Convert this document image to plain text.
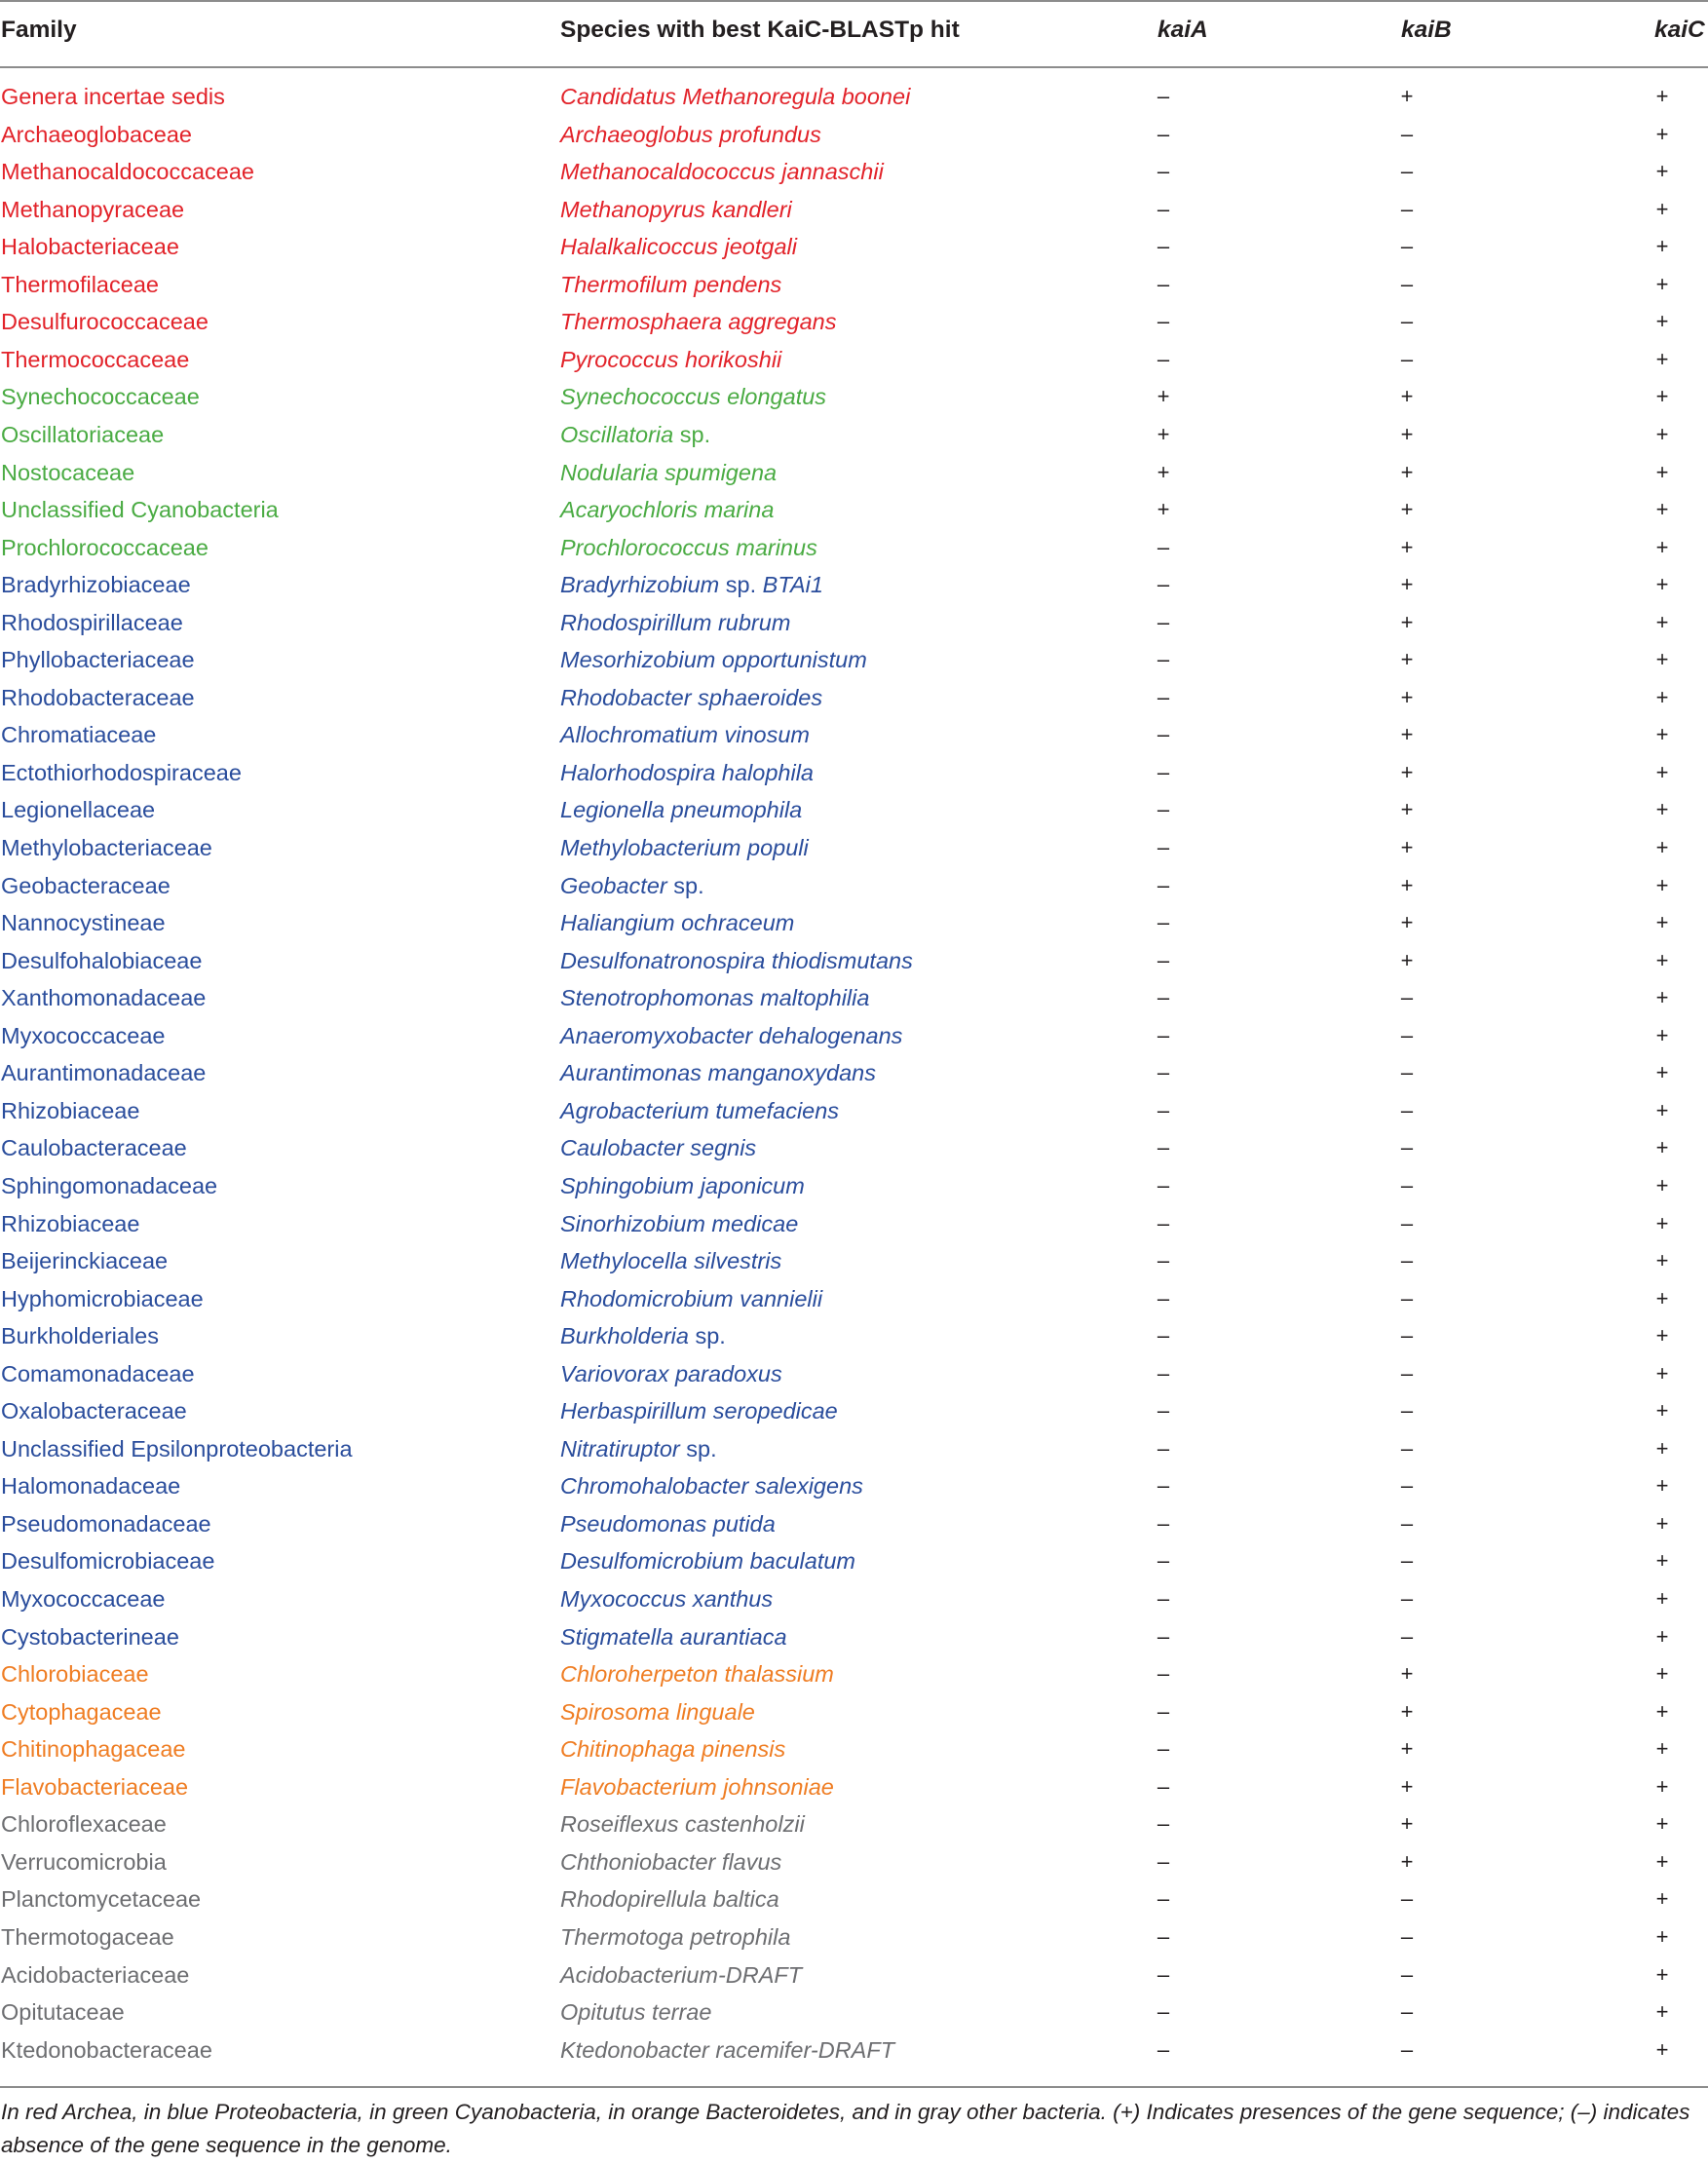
Family	Species with best KaiC-BLASTp hit	kaiA	kaiB	kaiC
Genera incertae sedis	Candidatus Methanoregula boonei	–	+	+
Archaeoglobaceae	Archaeoglobus profundus	–	–	+
Methanocaldococcaceae	Methanocaldococcus jannaschii	–	–	+
Methanopyraceae	Methanopyrus kandleri	–	–	+
Halobacteriaceae	Halalkalicoccus jeotgali	–	–	+
Thermofilaceae	Thermofilum pendens	–	–	+
Desulfurococcaceae	Thermosphaera aggregans	–	–	+
Thermococcaceae	Pyrococcus horikoshii	–	–	+
Synechococcaceae	Synechococcus elongatus	+	+	+
Oscillatoriaceae	Oscillatoria sp.	+	+	+
Nostocaceae	Nodularia spumigena	+	+	+
Unclassified Cyanobacteria	Acaryochloris marina	+	+	+
Prochlorococcaceae	Prochlorococcus marinus	–	+	+
Bradyrhizobiaceae	Bradyrhizobium sp. BTAi1	–	+	+
Rhodospirillaceae	Rhodospirillum rubrum	–	+	+
Phyllobacteriaceae	Mesorhizobium opportunistum	–	+	+
Rhodobacteraceae	Rhodobacter sphaeroides	–	+	+
Chromatiaceae	Allochromatium vinosum	–	+	+
Ectothiorhodospiraceae	Halorhodospira halophila	–	+	+
Legionellaceae	Legionella pneumophila	–	+	+
Methylobacteriaceae	Methylobacterium populi	–	+	+
Geobacteraceae	Geobacter sp.	–	+	+
Nannocystineae	Haliangium ochraceum	–	+	+
Desulfohalobiaceae	Desulfonatronospira thiodismutans	–	+	+
Xanthomonadaceae	Stenotrophomonas maltophilia	–	–	+
Myxococcaceae	Anaeromyxobacter dehalogenans	–	–	+
Aurantimonadaceae	Aurantimonas manganoxydans	–	–	+
Rhizobiaceae	Agrobacterium tumefaciens	–	–	+
Caulobacteraceae	Caulobacter segnis	–	–	+
Sphingomonadaceae	Sphingobium japonicum	–	–	+
Rhizobiaceae	Sinorhizobium medicae	–	–	+
Beijerinckiaceae	Methylocella silvestris	–	–	+
Hyphomicrobiaceae	Rhodomicrobium vannielii	–	–	+
Burkholderiales	Burkholderia sp.	–	–	+
Comamonadaceae	Variovorax paradoxus	–	–	+
Oxalobacteraceae	Herbaspirillum seropedicae	–	–	+
Unclassified Epsilonproteobacteria	Nitratiruptor sp.	–	–	+
Halomonadaceae	Chromohalobacter salexigens	–	–	+
Pseudomonadaceae	Pseudomonas putida	–	–	+
Desulfomicrobiaceae	Desulfomicrobium baculatum	–	–	+
Myxococcaceae	Myxococcus xanthus	–	–	+
Cystobacterineae	Stigmatella aurantiaca	–	–	+
Chlorobiaceae	Chloroherpeton thalassium	–	+	+
Cytophagaceae	Spirosoma linguale	–	+	+
Chitinophagaceae	Chitinophaga pinensis	–	+	+
Flavobacteriaceae	Flavobacterium johnsoniae	–	+	+
Chloroflexaceae	Roseiflexus castenholzii	–	+	+
Verrucomicrobia	Chthoniobacter flavus	–	+	+
Planctomycetaceae	Rhodopirellula baltica	–	–	+
Thermotogaceae	Thermotoga petrophila	–	–	+
Acidobacteriaceae	Acidobacterium-DRAFT	–	–	+
Opitutaceae	Opitutus terrae	–	–	+
Ktedonobacteraceae	Ktedonobacter racemifer-DRAFT	–	–	+
In red Archea, in blue Proteobacteria, in green Cyanobacteria, in orange Bacteroidetes, and in gray other bacteria. (+) Indicates presences of the gene sequence; (–) indicates absence of the gene sequence in the genome.
